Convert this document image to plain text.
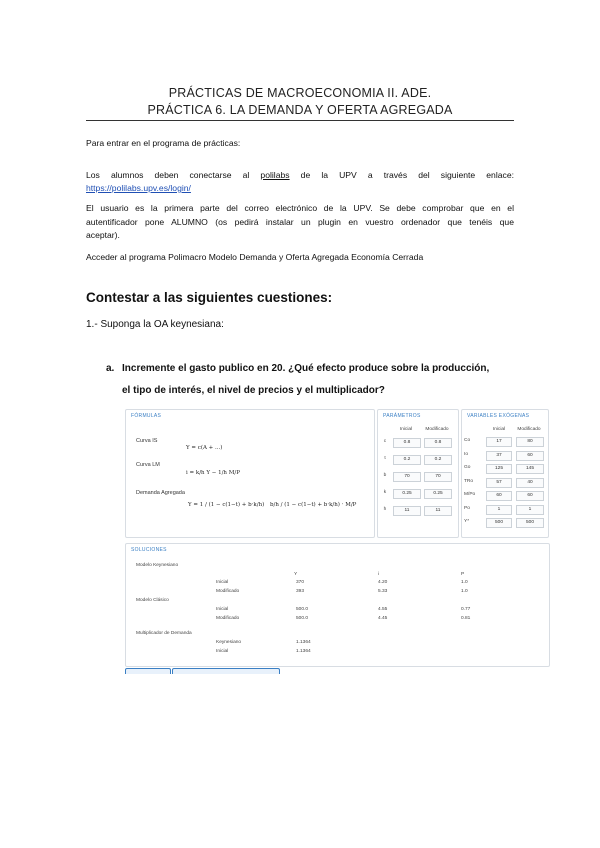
PRÁCTICAS DE MACROECONOMIA II. ADE.
PRÁCTICA 6. LA DEMANDA Y OFERTA AGREGADA
Para entrar en el programa de prácticas:
Los alumnos deben conectarse al polilabs de la UPV a través del siguiente enlace:
https://polilabs.upv.es/login/
El usuario es la primera parte del correo electrónico de la UPV. Se debe comprobar que en el
autentificador pone ALUMNO (os pedirá instalar un plugin en vuestro ordenador que tenéis que
aceptar).
Acceder al programa Polimacro Modelo Demanda y Oferta Agregada Economía Cerrada
Contestar a las siguientes cuestiones:
1.- Suponga la OA keynesiana:
a. Incremente el gasto publico en 20. ¿Qué efecto produce sobre la producción,
el tipo de interés, el nivel de precios y el multiplicador?
FÓRMULAS
Curva IS
Y = c(A + ...)
Curva LM
i = k/h Y − 1/h M/P
Demanda Agregada
Y = 1 / (1 − c(1−t) + b·k/h) b/h / (1 − c(1−t) + b·k/h) · M/P
PARÁMETROS
Inicial	Modificado
c	0.8	0.8
t	0.2	0.2
b	70	70
k	0.25	0.25
h	11	11
VARIABLES EXÓGENAS
Inicial	Modificado
Co	17	80
Io	37	60
Go	125	145
TRo	57	40
M/Po	60	60
Po	1	1
Y*	500	500
SOLUCIONES
Y	i	P
Modelo Keynesiano
Inicial	370	4.20	1.0
Modificado	393	5.33	1.0
Modelo Clásico
Inicial	500.0	4.55	0.77
Modificado	500.0	4.45	0.81
Multiplicador de Demanda
Keynesiano	1.1364
Inicial	1.1364
